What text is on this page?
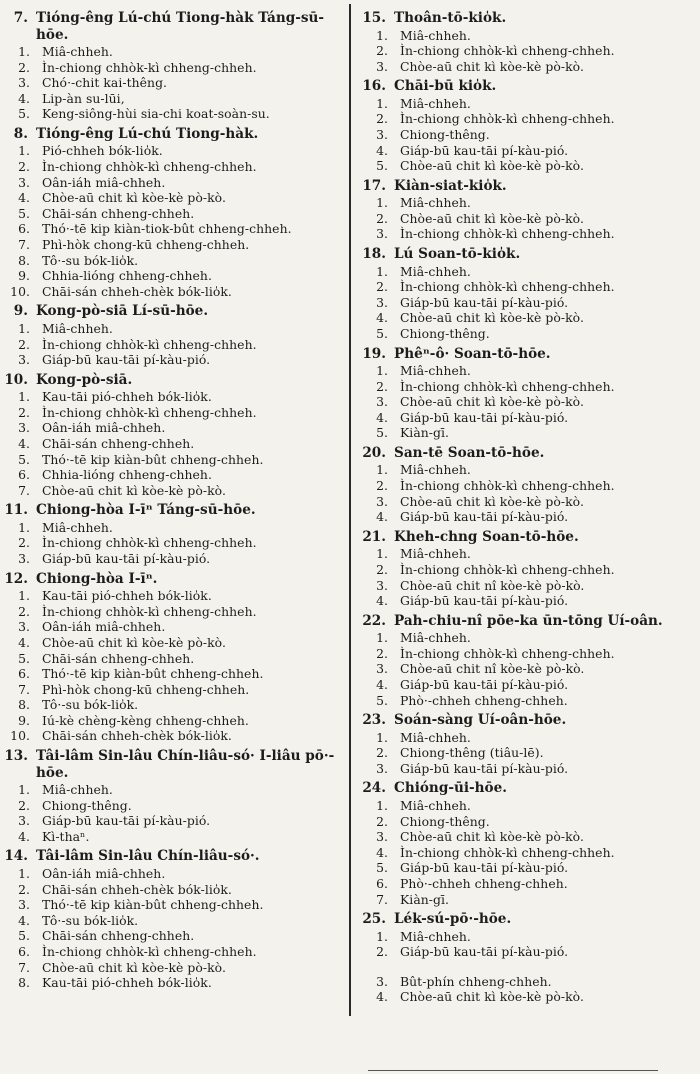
7. Tióng-êng Lú-chú Tiong-hàk Táng-sū-hōe.
1. Miâ-chheh.
2. Ìn-chiong chhòk-kì chheng-chheh.
3. Chó·-chit kai-thêng.
4. Lip-àn su-lūi,
5. Keng-siông-hùi sia-chi koat-soàn-su.
8. Tióng-êng Lú-chú Tiong-hàk.
1. Pió-chheh bók-lio̍k.
2. Ìn-chiong chhòk-kì chheng-chheh.
3. Oân-iáh miâ-chheh.
4. Chòe-aū chit kì kòe-kè pò-kò.
5. Chāi-sán chheng-chheh.
6. Thó·-tē kip kiàn-tiok-bût chheng-chheh.
7. Phì-hòk chong-kū chheng-chheh.
8. Tô·-su bók-lio̍k.
9. Chhia-lióng chheng-chheh.
10. Chāi-sán chheh-chèk bók-lio̍k.
9. Kong-pò-siā Lí-sū-hōe.
1. Miâ-chheh.
2. Ìn-chiong chhòk-kì chheng-chheh.
3. Giáp-bū kau-tāi pí-kàu-pió.
10. Kong-pò-siā.
1. Kau-tāi pió-chheh bók-lio̍k.
2. Ìn-chiong chhòk-kì chheng-chheh.
3. Oân-iáh miâ-chheh.
4. Chāi-sán chheng-chheh.
5. Thó·-tē kip kiàn-bût chheng-chheh.
6. Chhia-lióng chheng-chheh.
7. Chòe-aū chit kì kòe-kè pò-kò.
11. Chiong-hòa I-īⁿ Táng-sū-hōe.
1. Miâ-chheh.
2. Ìn-chiong chhòk-kì chheng-chheh.
3. Giáp-bū kau-tāi pí-kàu-pió.
12. Chiong-hòa I-īⁿ.
1. Kau-tāi pió-chheh bók-lio̍k.
2. Ìn-chiong chhòk-kì chheng-chheh.
3. Oân-iáh miâ-chheh.
4. Chòe-aū chit kì kòe-kè pò-kò.
5. Chāi-sán chheng-chheh.
6. Thó·-tē kip kiàn-bût chheng-chheh.
7. Phì-hòk chong-kū chheng-chheh.
8. Tô·-su bók-lio̍k.
9. Iú-kè chèng-kèng chheng-chheh.
10. Chāi-sán chheh-chèk bók-lio̍k.
13. Tâi-lâm Sin-lâu Chín-liâu-só· I-liâu pō·-hōe.
1. Miâ-chheh.
2. Chiong-thêng.
3. Giáp-bū kau-tāi pí-kàu-pió.
4. Kì-thaⁿ.
14. Tâi-lâm Sin-lâu Chín-liâu-só·.
1. Oân-iáh miâ-chheh.
2. Chāi-sán chheh-chèk bók-lio̍k.
3. Thó·-tē kip kiàn-bût chheng-chheh.
4. Tô·-su bók-lio̍k.
5. Chāi-sán chheng-chheh.
6. Ìn-chiong chhòk-kì chheng-chheh.
7. Chòe-aū chit kì kòe-kè pò-kò.
8. Kau-tāi pió-chheh bók-lio̍k.
15. Thoân-tō-kio̍k.
1. Miâ-chheh.
2. Ìn-chiong chhòk-kì chheng-chheh.
3. Chòe-aū chit kì kòe-kè pò-kò.
16. Chāi-bū kio̍k.
1. Miâ-chheh.
2. Ìn-chiong chhòk-kì chheng-chheh.
3. Chiong-thêng.
4. Giáp-bū kau-tāi pí-kàu-pió.
5. Chòe-aū chit kì kòe-kè pò-kò.
17. Kiàn-siat-kio̍k.
1. Miâ-chheh.
2. Chòe-aū chit kì kòe-kè pò-kò.
3. Ìn-chiong chhòk-kì chheng-chheh.
18. Lú Soan-tō-kio̍k.
1. Miâ-chheh.
2. Ìn-chiong chhòk-kì chheng-chheh.
3. Giáp-bū kau-tāi pí-kàu-pió.
4. Chòe-aū chit kì kòe-kè pò-kò.
5. Chiong-thêng.
19. Phêⁿ-ô· Soan-tō-hōe.
1. Miâ-chheh.
2. Ìn-chiong chhòk-kì chheng-chheh.
3. Chòe-aū chit kì kòe-kè pò-kò.
4. Giáp-bū kau-tāi pí-kàu-pió.
5. Kiàn-gī.
20. San-tē Soan-tō-hōe.
1. Miâ-chheh.
2. Ìn-chiong chhòk-kì chheng-chheh.
3. Chòe-aū chit kì kòe-kè pò-kò.
4. Giáp-bū kau-tāi pí-kàu-pió.
21. Kheh-chng Soan-tō-hōe.
1. Miâ-chheh.
2. Ìn-chiong chhòk-kì chheng-chheh.
3. Chòe-aū chit nî kòe-kè pò-kò.
4. Giáp-bū kau-tāi pí-kàu-pió.
22. Pah-chiu-nî pōe-ka ūn-tōng Uí-oân.
1. Miâ-chheh.
2. Ìn-chiong chhòk-kì chheng-chheh.
3. Chòe-aū chit nî kòe-kè pò-kò.
4. Giáp-bū kau-tāi pí-kàu-pió.
5. Phò·-chheh chheng-chheh.
23. Soán-sàng Uí-oân-hōe.
1. Miâ-chheh.
2. Chiong-thêng (tiâu-lē).
3. Giáp-bū kau-tāi pí-kàu-pió.
24. Chióng-ūi-hōe.
1. Miâ-chheh.
2. Chiong-thêng.
3. Chòe-aū chit kì kòe-kè pò-kò.
4. Ìn-chiong chhòk-kì chheng-chheh.
5. Giáp-bū kau-tāi pí-kàu-pió.
6. Phò·-chheh chheng-chheh.
7. Kiàn-gī.
25. Lék-sú-pō·-hōe.
1. Miâ-chheh.
2. Giáp-bū kau-tāi pí-kàu-pió.
3. Bût-phín chheng-chheh.
4. Chòe-aū chit kì kòe-kè pò-kò.
